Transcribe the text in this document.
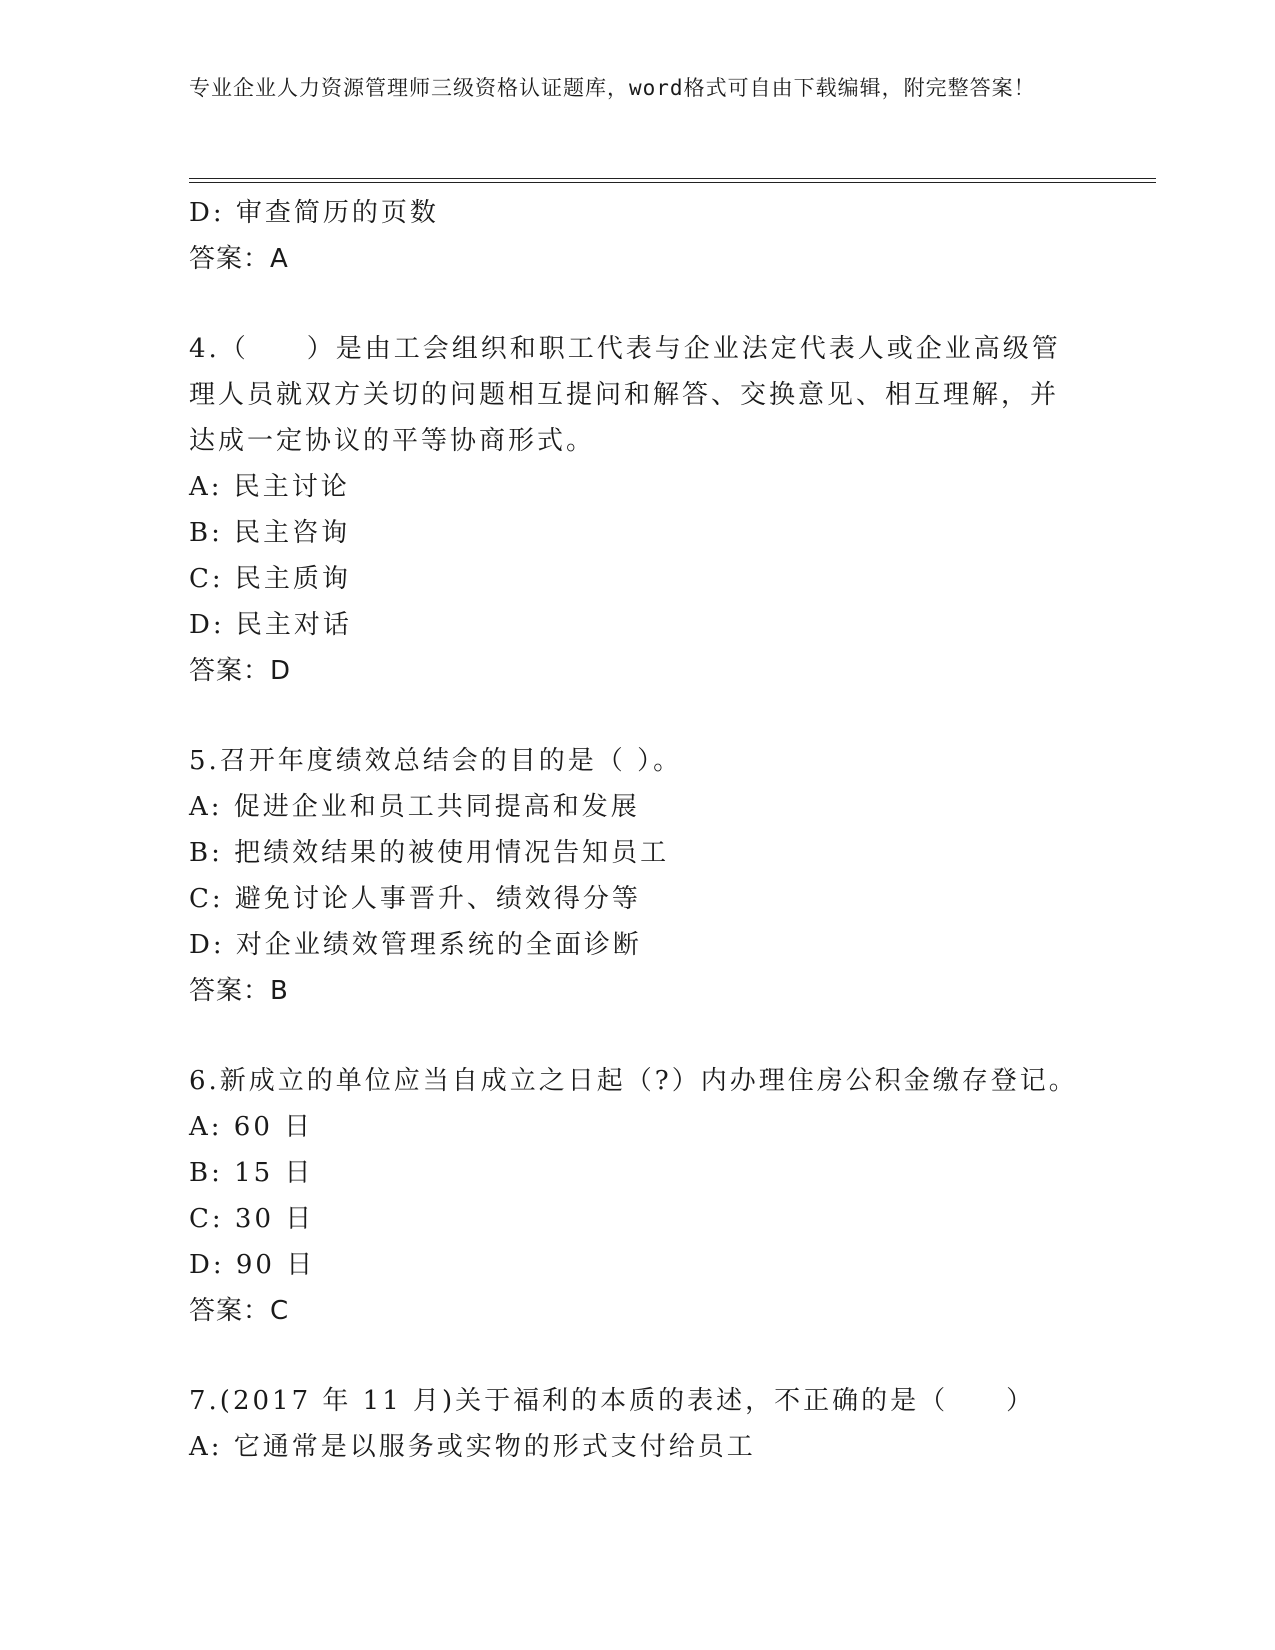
专业企业人力资源管理师三级资格认证题库，word格式可自由下载编辑，附完整答案！
D: 审查简历的页数
答案：A
4.（　　）是由工会组织和职工代表与企业法定代表人或企业高级管
理人员就双方关切的问题相互提问和解答、交换意见、相互理解，并
达成一定协议的平等协商形式。
A: 民主讨论
B: 民主咨询
C: 民主质询
D: 民主对话
答案：D
5.召开年度绩效总结会的目的是（ ）。
A: 促进企业和员工共同提高和发展
B: 把绩效结果的被使用情况告知员工
C: 避免讨论人事晋升、绩效得分等
D: 对企业绩效管理系统的全面诊断
答案：B
6.新成立的单位应当自成立之日起（?）内办理住房公积金缴存登记。
A: 60 日
B: 15 日
C: 30 日
D: 90 日
答案：C
7.(2017 年 11 月)关于福利的本质的表述，不正确的是（　　）
A: 它通常是以服务或实物的形式支付给员工
